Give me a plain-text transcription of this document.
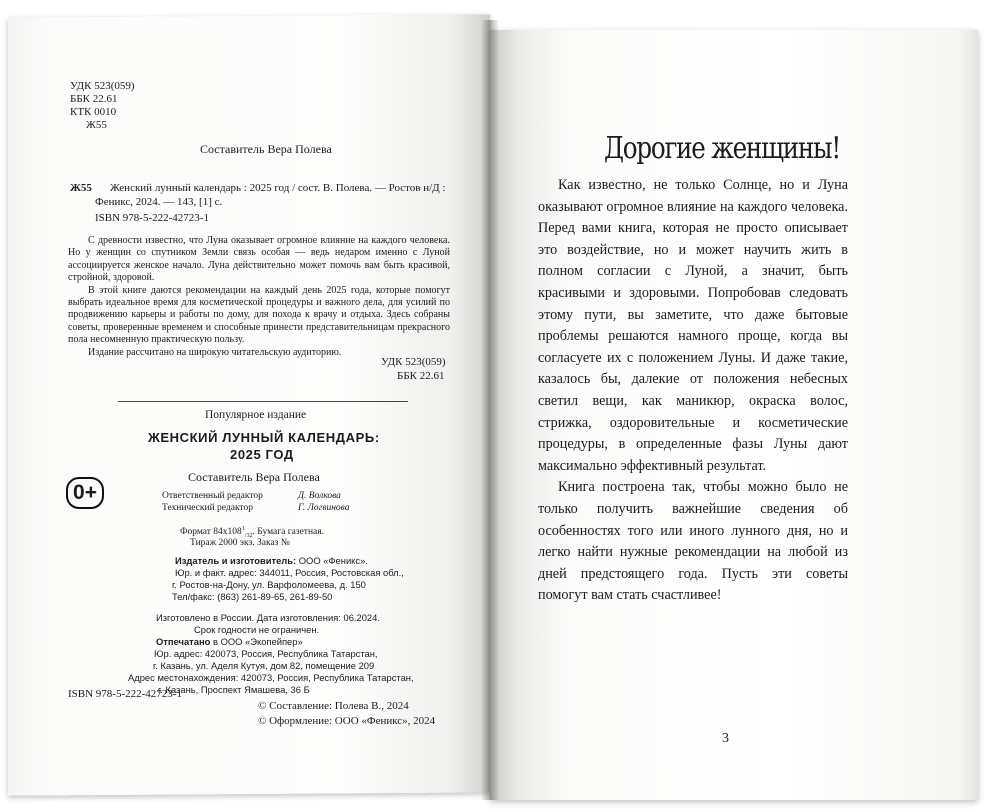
УДК 523(059)
ББК 22.61
КТК 0010
Ж55
Составитель Вера Полева
Ж55 Женский лунный календарь : 2025 год / сост. В. Полева. — Ростов н/Д :
Феникс, 2024. — 143, [1] с.
ISBN 978-5-222-42723-1

С древности известно, что Луна оказывает огромное влияние на каждого человека. Но у женщин со спутником Земли связь особая — ведь недаром именно с Луной ассоциируется женское начало. Луна действительно может помочь вам быть красивой, стройной, здоровой.

В этой книге даются рекомендации на каждый день 2025 года, которые помогут выбрать идеальное время для косметической процедуры и важного дела, для усилий по продвижению карьеры и работы по дому, для похода к врачу и отдыха. Здесь собраны советы, проверенные временем и способные принести представительницам прекрасного пола несомненную практическую пользу.

Издание рассчитано на широкую читательскую аудиторию.

УДК 523(059)
ББК 22.61
Популярное издание
ЖЕНСКИЙ ЛУННЫЙ КАЛЕНДАРЬ:
2025 ГОД
Составитель Вера Полева
0+	Ответственный редактор	Д. Волкова
Технический редактор	Г. Логвинова
Формат $84x108^1_{/32}$. Бумага газетная.
Тираж 2000 экз. Заказ №
Издатель и изготовитель: ООО «Феникс».
Юр. и факт. адрес: 344011, Россия, Ростовская обл.,
г. Ростов-на-Дону, ул. Варфоломеева, д. 150
Тел/факс: (863) 261-89-65, 261-89-50
Изготовлено в России. Дата изготовления: 06.2024.
Срок годности не ограничен.
Отпечатано в ООО «Экопейпер»
Юр. адрес: 420073, Россия, Республика Татарстан,
г. Казань, ул. Аделя Кутуя, дом 82, помещение 209
Адрес местонахождения: 420073, Россия, Республика Татарстан,
г. Казань, Проспект Ямашева, 36 Б
ISBN 978-5-222-42723-1
© Составление: Полева В., 2024
© Оформление: ООО «Феникс», 2024
Дорогие женщины!

Как известно, не только Солнце, но и Луна оказывают огромное влияние на каждого человека. Перед вами книга, которая не просто описывает это воздействие, но и может научить жить в полном согласии с Луной, а значит, быть красивыми и здоровыми. Попробовав следовать этому пути, вы заметите, что даже бытовые проблемы решаются намного проще, когда вы согласуете их с положением Луны. И даже такие, казалось бы, далекие от положения небесных светил вещи, как маникюр, окраска волос, стрижка, оздоровительные и косметические процедуры, в определенные фазы Луны дают максимально эффективный результат.

Книга построена так, чтобы можно было не только получить важнейшие сведения об особенностях того или иного лунного дня, но и легко найти нужные рекомендации на любой из дней предстоящего года. Пусть эти советы помогут вам стать счастливее!

3
